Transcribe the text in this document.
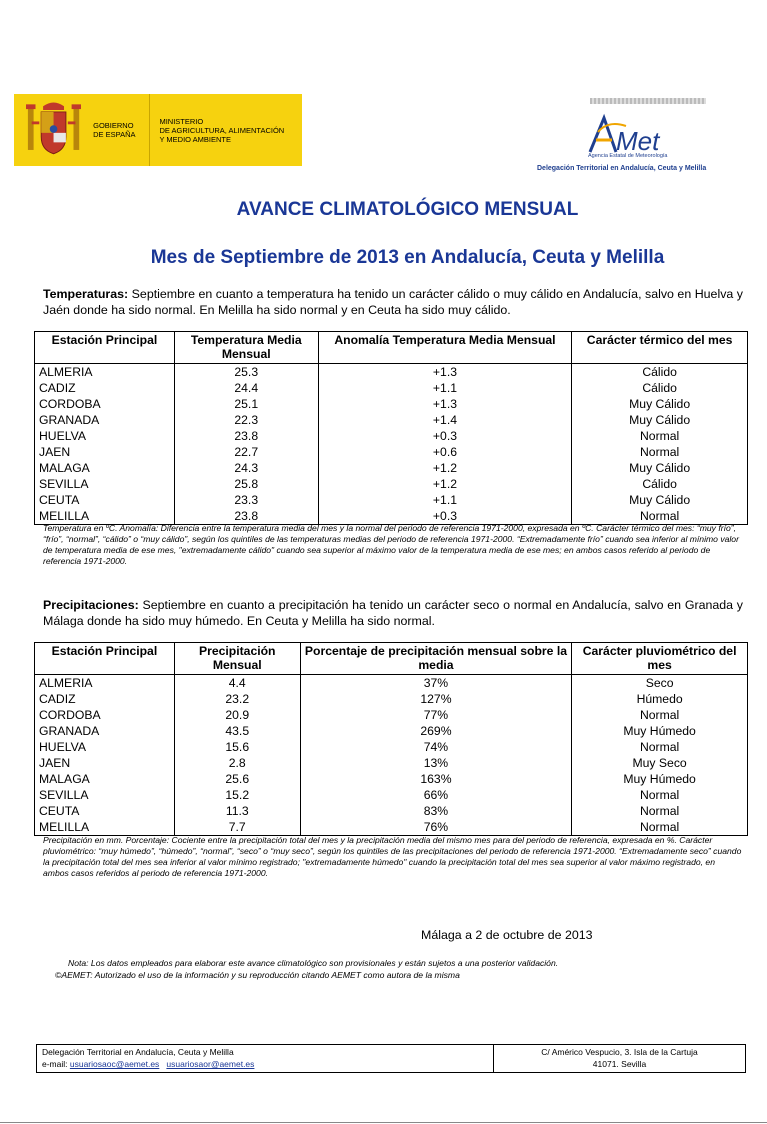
GOBIERNO
DE ESPAÑA
MINISTERIO
DE AGRICULTURA, ALIMENTACIÓN
Y MEDIO AMBIENTE	Met
Agencia Estatal de Meteorología
Delegación Territorial en Andalucía, Ceuta y Melilla
AVANCE CLIMATOLÓGICO MENSUAL
Mes de Septiembre de 2013 en Andalucía, Ceuta y Melilla
Temperaturas: Septiembre en cuanto a temperatura ha tenido un carácter cálido o muy cálido en Andalucía, salvo en Huelva y Jaén donde ha sido normal. En Melilla ha sido normal y en Ceuta ha sido muy cálido.
Estación Principal	Temperatura Media Mensual	Anomalía Temperatura Media Mensual	Carácter térmico del mes
ALMERIA	25.3	+1.3	Cálido
CADIZ	24.4	+1.1	Cálido
CORDOBA	25.1	+1.3	Muy Cálido
GRANADA	22.3	+1.4	Muy Cálido
HUELVA	23.8	+0.3	Normal
JAEN	22.7	+0.6	Normal
MALAGA	24.3	+1.2	Muy Cálido
SEVILLA	25.8	+1.2	Cálido
CEUTA	23.3	+1.1	Muy Cálido
MELILLA	23.8	+0.3	Normal
Temperatura en ºC. Anomalía: Diferencia entre la temperatura media del mes y la normal del periodo de referencia 1971-2000, expresada en ºC. Carácter térmico del mes: “muy frío”, “frío”, “normal”, “cálido” o “muy cálido”, según los quintiles de las temperaturas medias del periodo de referencia 1971-2000. “Extremadamente frío” cuando sea inferior al mínimo valor de temperatura media de ese mes, "extremadamente cálido" cuando sea superior al máximo valor de la temperatura media de ese mes; en ambos casos referido al periodo de referencia 1971-2000.
Precipitaciones: Septiembre en cuanto a precipitación ha tenido un carácter seco o normal en Andalucía, salvo en Granada y Málaga donde ha sido muy húmedo. En Ceuta y Melilla ha sido normal.
Estación Principal	Precipitación Mensual	Porcentaje de precipitación mensual sobre la media	Carácter pluviométrico del mes
ALMERIA	4.4	37%	Seco
CADIZ	23.2	127%	Húmedo
CORDOBA	20.9	77%	Normal
GRANADA	43.5	269%	Muy Húmedo
HUELVA	15.6	74%	Normal
JAEN	2.8	13%	Muy Seco
MALAGA	25.6	163%	Muy Húmedo
SEVILLA	15.2	66%	Normal
CEUTA	11.3	83%	Normal
MELILLA	7.7	76%	Normal
Precipitación en mm. Porcentaje: Cociente entre la precipitación total del mes y la precipitación media del mismo mes para del periodo de referencia, expresada en %. Carácter pluviométrico: “muy húmedo”, “húmedo”, “normal”, “seco” o “muy seco”, según los quintiles de las precipitaciones del periodo de referencia 1971-2000. “Extremadamente seco” cuando la precipitación total del mes sea inferior al valor mínimo registrado; "extremadamente húmedo" cuando la precipitación total del mes sea superior al valor máximo registrado, en ambos casos referidos al periodo de referencia 1971-2000.
Málaga a 2 de octubre de 2013
Nota: Los datos empleados para elaborar este avance climatológico son provisionales y están sujetos a una posterior validación.
©AEMET: Autorizado el uso de la información y su reproducción citando AEMET como autora de la misma
Delegación Territorial en Andalucía, Ceuta y Melilla
e-mail: usuariosaoc@aemet.es usuariosaor@aemet.es
C/ Américo Vespucio, 3. Isla de la Cartuja
41071. Sevilla
